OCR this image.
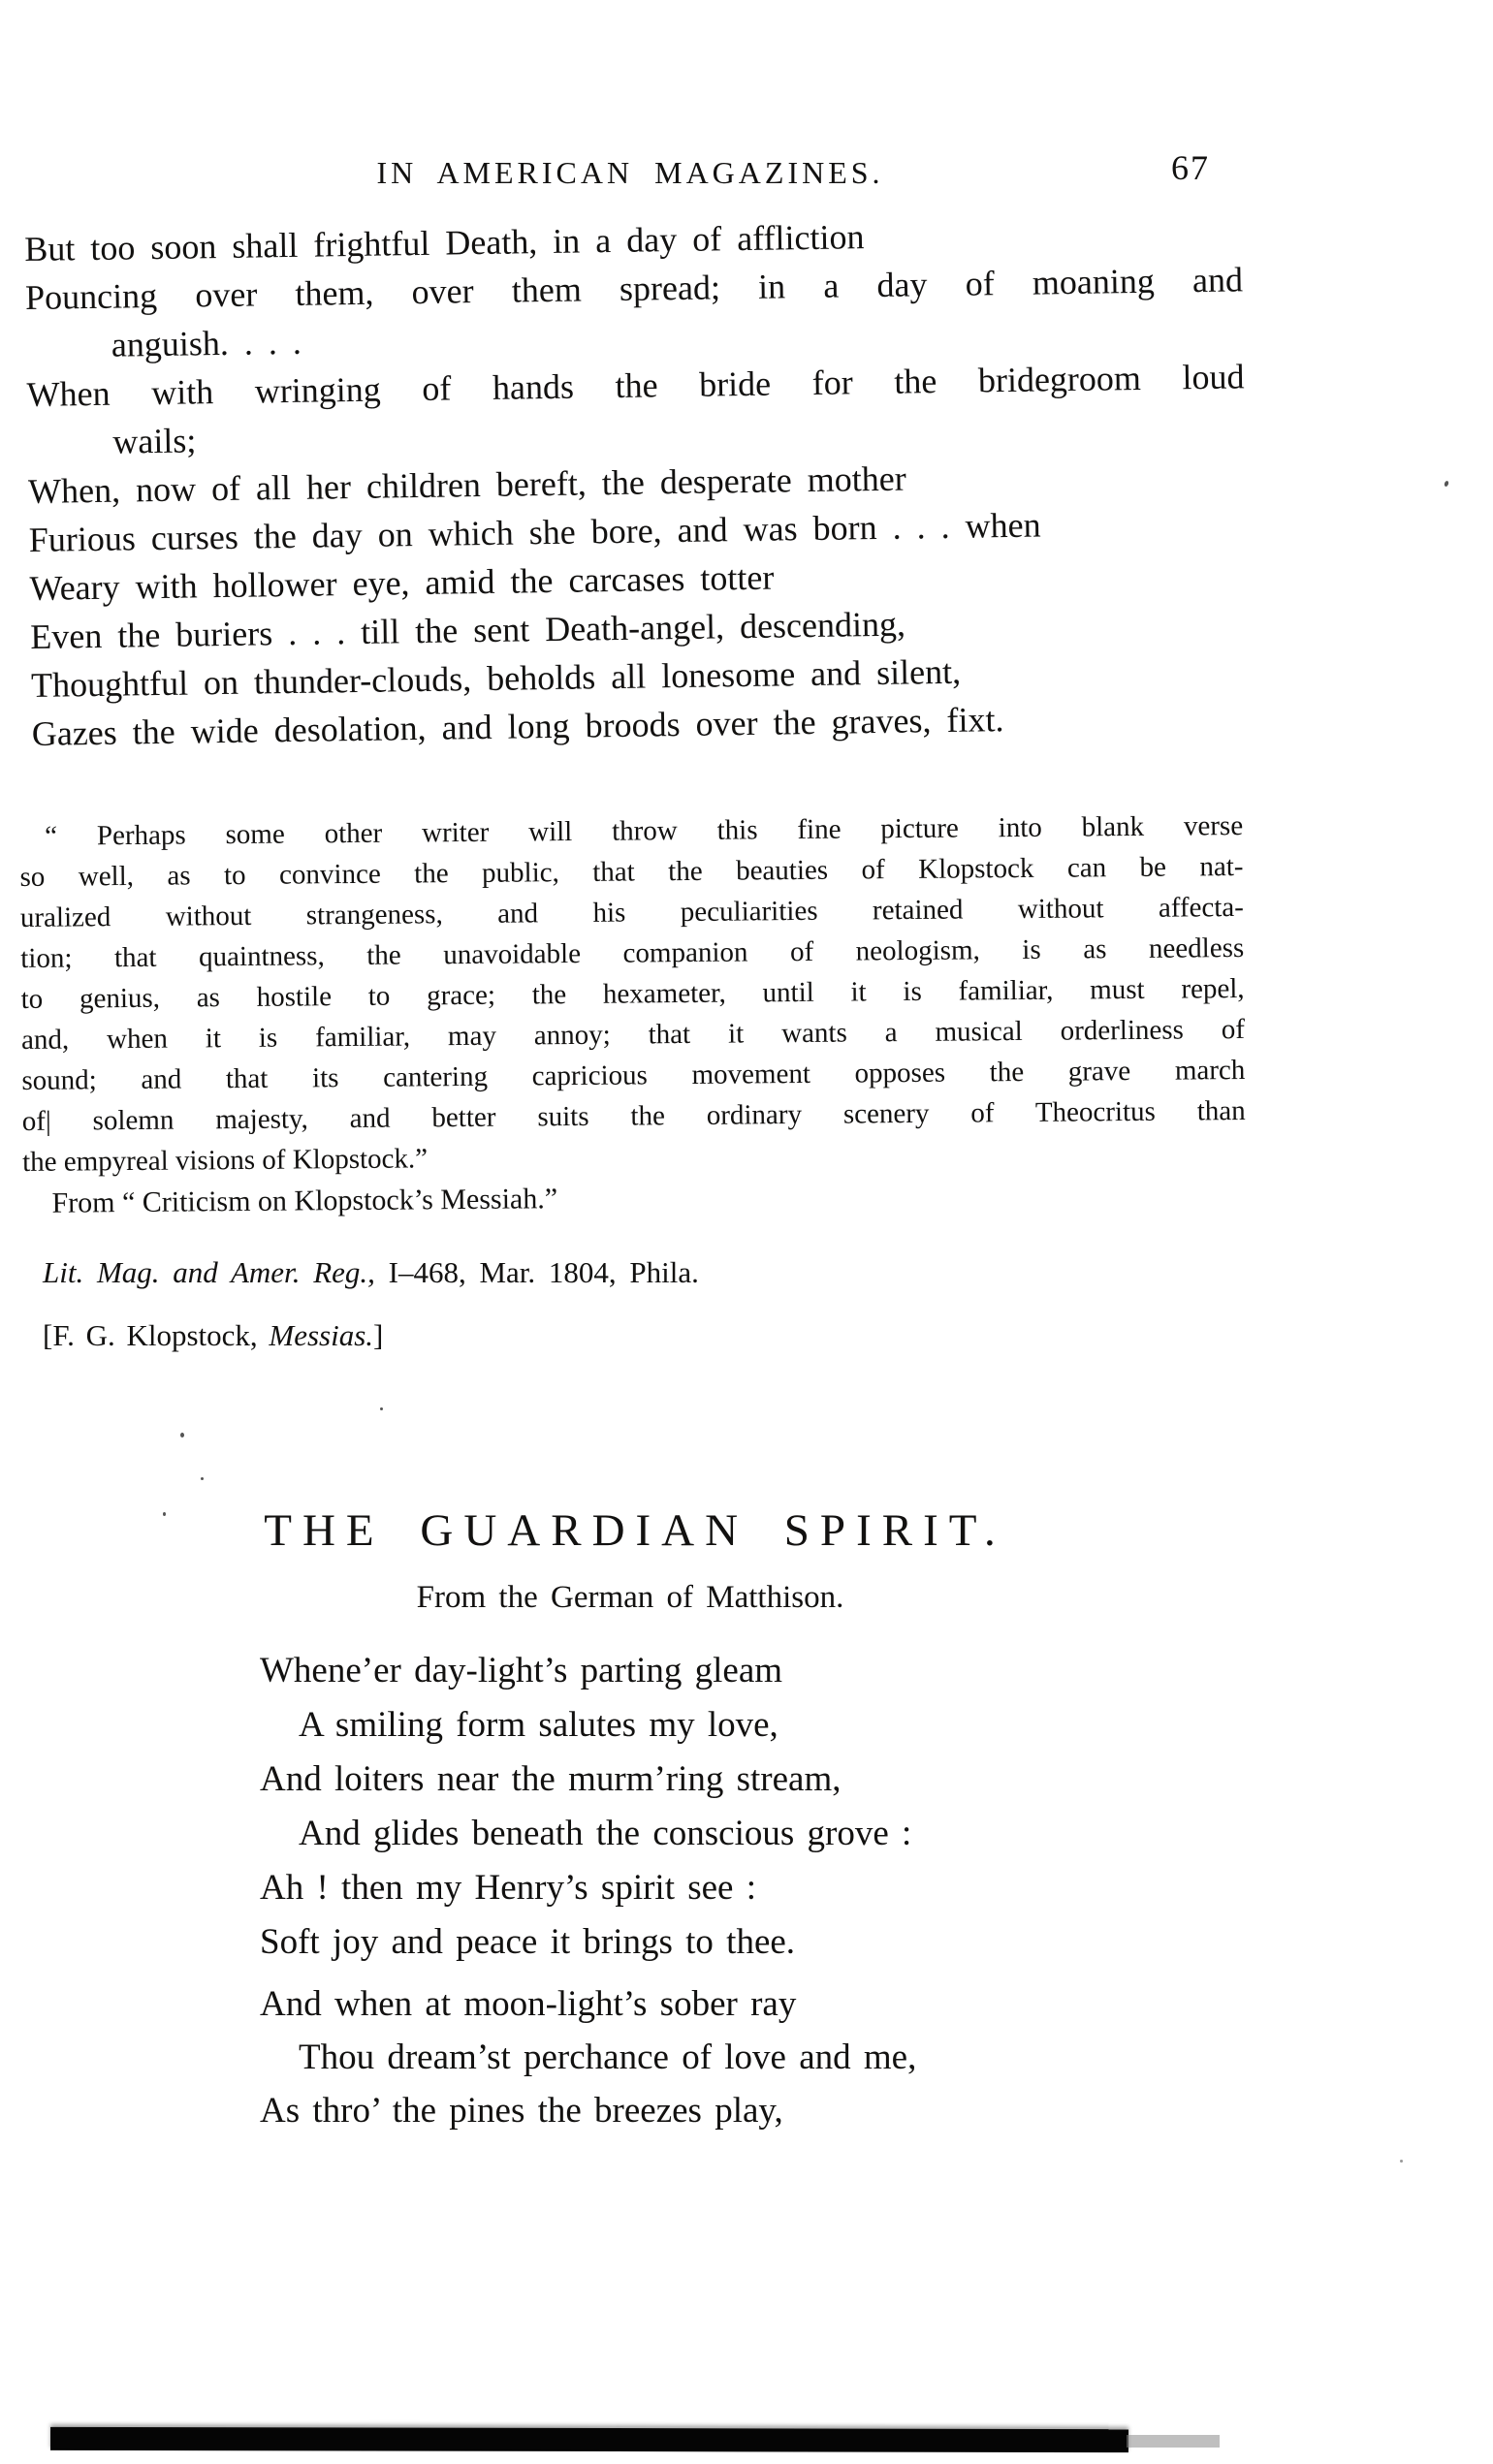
IN AMERICAN MAGAZINES.	67
But too soon shall frightful Death, in a day of affliction
Pouncing over them, over them spread; in a day of moaning and
anguish. . . .
When with wringing of hands the bride for the bridegroom loud
wails;
When, now of all her children bereft, the desperate mother
Furious curses the day on which she bore, and was born . . . when
Weary with hollower eye, amid the carcases totter
Even the buriers . . . till the sent Death-angel, descending,
Thoughtful on thunder-clouds, beholds all lonesome and silent,
Gazes the wide desolation, and long broods over the graves, fixt.
“ Perhaps some other writer will throw this fine picture into blank verse
so well, as to convince the public, that the beauties of Klopstock can be nat-
uralized without strangeness, and his peculiarities retained without affecta-
tion; that quaintness, the unavoidable companion of neologism, is as needless
to genius, as hostile to grace; the hexameter, until it is familiar, must repel,
and, when it is familiar, may annoy; that it wants a musical orderliness of
sound; and that its cantering capricious movement opposes the grave march
of| solemn majesty, and better suits the ordinary scenery of Theocritus than
the empyreal visions of Klopstock.”
From “ Criticism on Klopstock’s Messiah.”
Lit. Mag. and Amer. Reg., I–468, Mar. 1804, Phila.
[F. G. Klopstock, Messias.]
THE GUARDIAN SPIRIT.
From the German of Matthison.
Whene’er day-light’s parting gleam
A smiling form salutes my love,
And loiters near the murm’ring stream,
And glides beneath the conscious grove :
Ah ! then my Henry’s spirit see :
Soft joy and peace it brings to thee.
And when at moon-light’s sober ray
Thou dream’st perchance of love and me,
As thro’ the pines the breezes play,
